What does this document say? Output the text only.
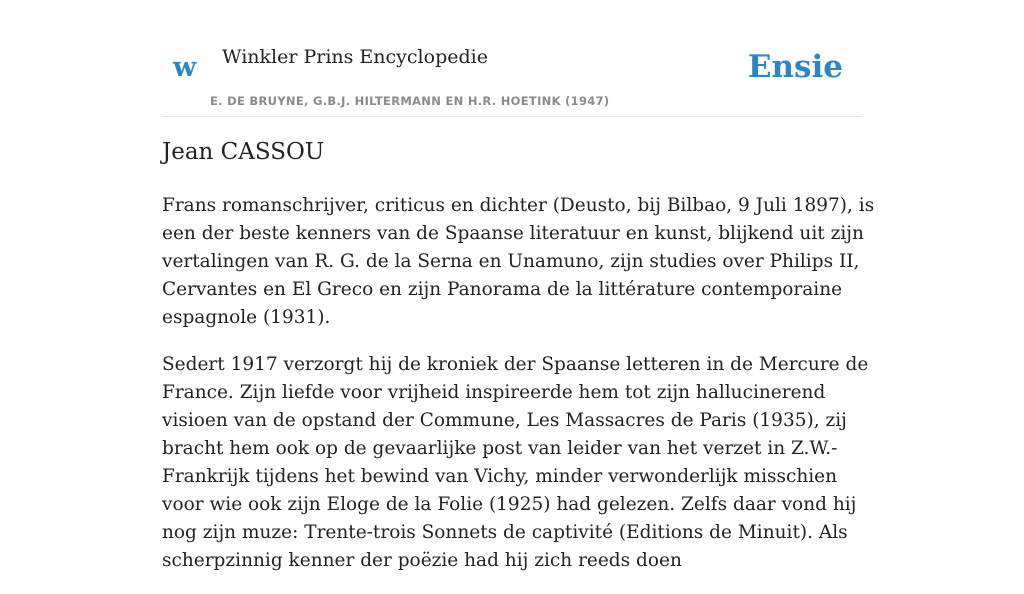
w Winkler Prins Encyclopedie
E. DE BRUYNE, G.B.J. HILTERMANN EN H.R. HOETINK (1947)
Ensie
Jean CASSOU

Frans romanschrijver, criticus en dichter (Deusto, bij Bilbao, 9 Juli 1897), is een der beste kenners van de Spaanse literatuur en kunst, blijkend uit zijn vertalingen van R. G. de la Serna en Unamuno, zijn studies over Philips II, Cervantes en El Greco en zijn Panorama de la littérature contemporaine espagnole (1931).

Sedert 1917 verzorgt hij de kroniek der Spaanse letteren in de Mercure de France. Zijn liefde voor vrijheid inspireerde hem tot zijn hallucinerend visioen van de opstand der Commune, Les Massacres de Paris (1935), zij bracht hem ook op de gevaarlijke post van leider van het verzet in Z.W.-Frankrijk tijdens het bewind van Vichy, minder verwonderlijk misschien voor wie ook zijn Eloge de la Folie (1925) had gelezen. Zelfs daar vond hij nog zijn muze: Trente-trois Sonnets de captivité (Editions de Minuit). Als scherpzinnig kenner der poëzie had hij zich reeds doen
